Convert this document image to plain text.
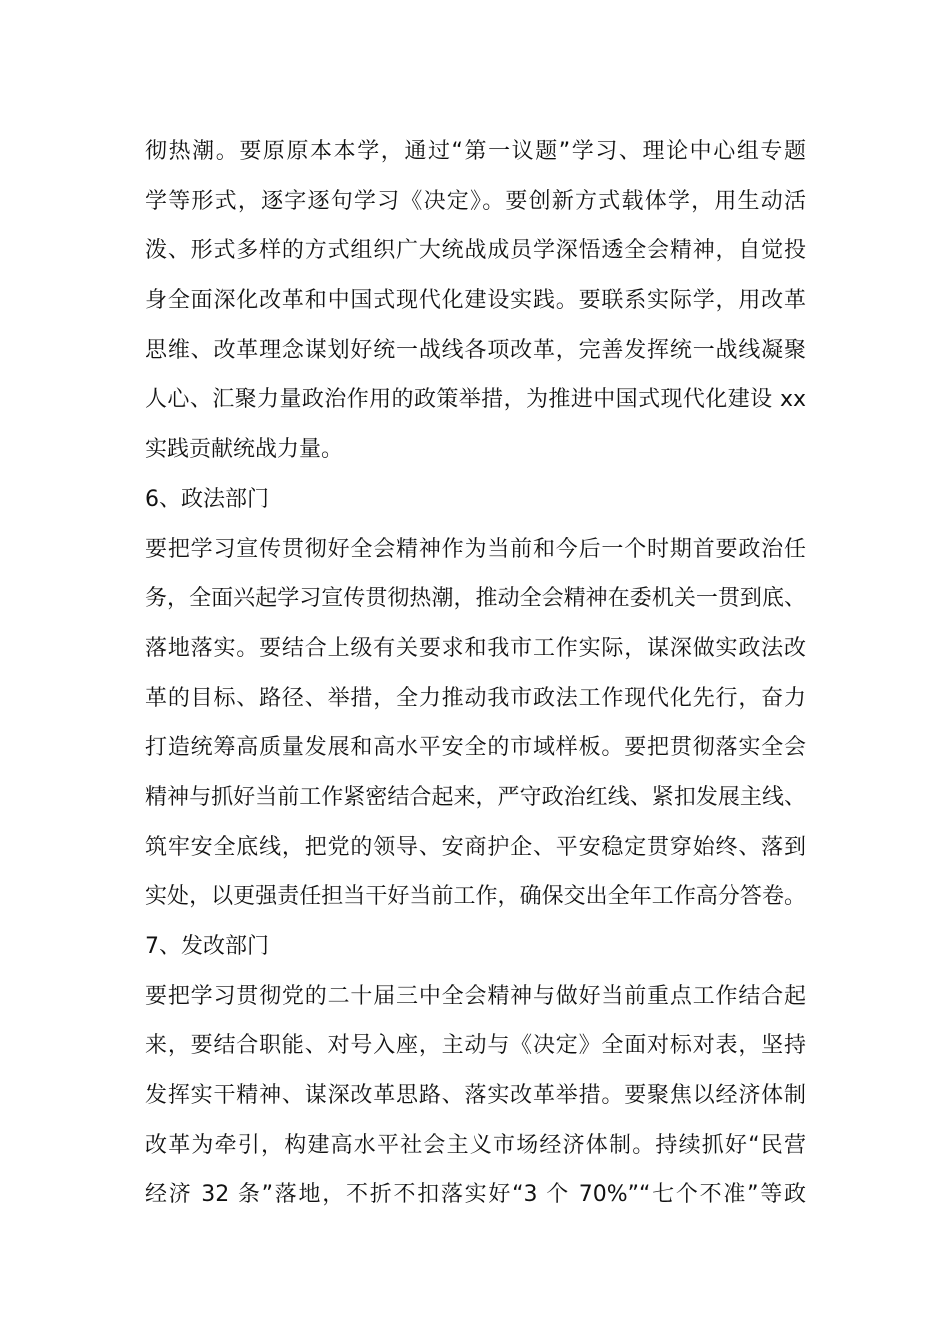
彻热潮。要原原本本学，通过“第一议题”学习、理论中心组专题
学等形式，逐字逐句学习《决定》。要创新方式载体学，用生动活
泼、形式多样的方式组织广大统战成员学深悟透全会精神，自觉投
身全面深化改革和中国式现代化建设实践。要联系实际学，用改革
思维、改革理念谋划好统一战线各项改革，完善发挥统一战线凝聚
人心、汇聚力量政治作用的政策举措，为推进中国式现代化建设 xx
实践贡献统战力量。
6、政法部门
要把学习宣传贯彻好全会精神作为当前和今后一个时期首要政治任
务，全面兴起学习宣传贯彻热潮，推动全会精神在委机关一贯到底、
落地落实。要结合上级有关要求和我市工作实际，谋深做实政法改
革的目标、路径、举措，全力推动我市政法工作现代化先行，奋力
打造统筹高质量发展和高水平安全的市域样板。要把贯彻落实全会
精神与抓好当前工作紧密结合起来，严守政治红线、紧扣发展主线、
筑牢安全底线，把党的领导、安商护企、平安稳定贯穿始终、落到
实处，以更强责任担当干好当前工作，确保交出全年工作高分答卷。
7、发改部门
要把学习贯彻党的二十届三中全会精神与做好当前重点工作结合起
来，要结合职能、对号入座，主动与《决定》全面对标对表，坚持
发挥实干精神、谋深改革思路、落实改革举措。要聚焦以经济体制
改革为牵引，构建高水平社会主义市场经济体制。持续抓好“民营
经济 32 条”落地，不折不扣落实好“3 个 70%”“七个不准”等政
